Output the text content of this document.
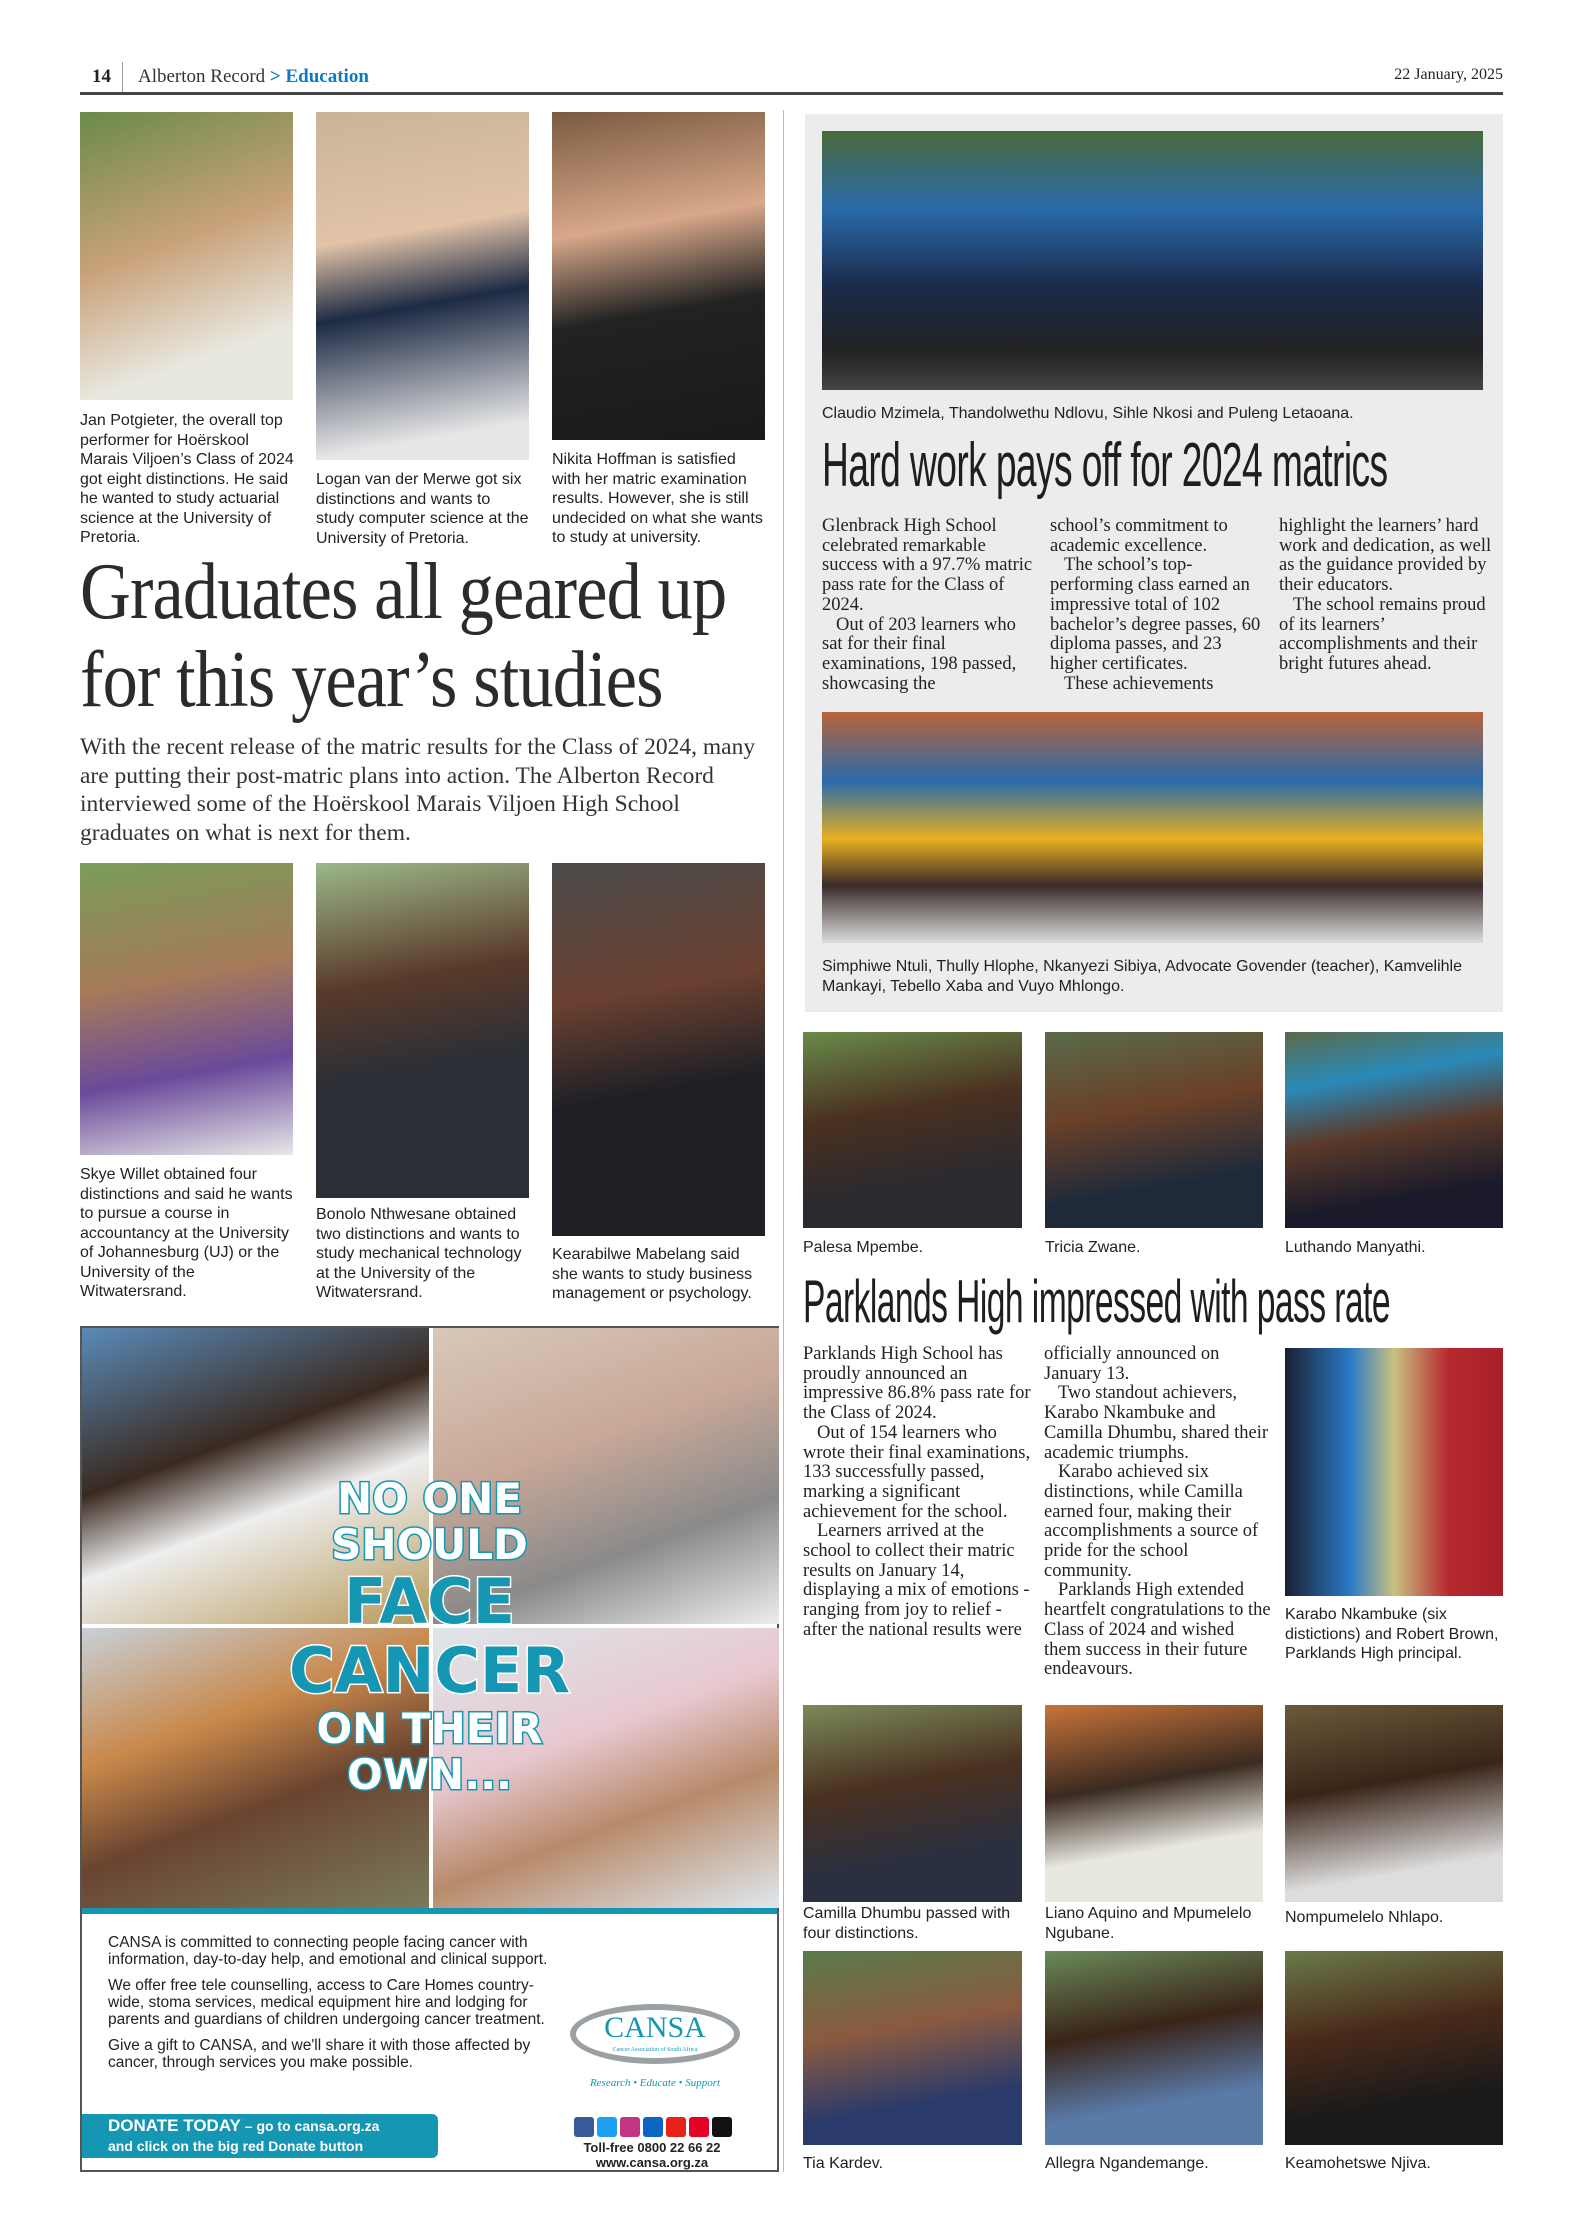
14 Alberton Record > Education	22 January, 2025
Jan Potgieter, the overall top performer for Hoërskool Marais Viljoen’s Class of 2024 got eight distinctions. He said he wanted to study actuarial science at the University of Pretoria.
Logan van der Merwe got six distinctions and wants to study computer science at the University of Pretoria.
Nikita Hoffman is satisfied with her matric examination results. However, she is still undecided on what she wants to study at university.
Graduates all geared up
for this year’s studies
With the recent release of the matric results for the Class of 2024, many are putting their post-matric plans into action. The Alberton Record interviewed some of the Hoërskool Marais Viljoen High School graduates on what is next for them.
Skye Willet obtained four distinctions and said he wants to pursue a course in accountancy at the University of Johannesburg (UJ) or the University of the Witwatersrand.
Bonolo Nthwesane obtained two distinctions and wants to study mechanical technology at the University of the Witwatersrand.
Kearabilwe Mabelang said she wants to study business management or psychology.
NO ONE
SHOULD
FACE
CANCER
ON THEIR
OWN...

CANSA is committed to connecting people facing cancer with information, day-to-day help, and emotional and clinical support.

We offer free tele counselling, access to Care Homes country-wide, stoma services, medical equipment hire and lodging for parents and guardians of children undergoing cancer treatment.

Give a gift to CANSA, and we'll share it with those affected by cancer, through services you make possible.

DONATE TODAY – go to cansa.org.za
and click on the big red Donate button
CANSA
Cancer Association of South Africa
Research • Educate • Support
Toll-free 0800 22 66 22
www.cansa.org.za
Claudio Mzimela, Thandolwethu Ndlovu, Sihle Nkosi and Puleng Letaoana.
Hard work pays off for 2024 matrics

Glenbrack High School celebrated remarkable success with a 97.7% matric pass rate for the Class of 2024.

Out of 203 learners who sat for their final examinations, 198 passed, showcasing the

school’s commitment to academic excellence.

The school’s top-performing class earned an impressive total of 102 bachelor’s degree passes, 60 diploma passes, and 23 higher certificates.

These achievements

highlight the learners’ hard work and dedication, as well as the guidance provided by their educators.

The school remains proud of its learners’ accomplishments and their bright futures ahead.

Simphiwe Ntuli, Thully Hlophe, Nkanyezi Sibiya, Advocate Govender (teacher), Kamvelihle Mankayi, Tebello Xaba and Vuyo Mhlongo.
Palesa Mpembe.	Tricia Zwane.	Luthando Manyathi.
Parklands High impressed with pass rate

Parklands High School has proudly announced an impressive 86.8% pass rate for the Class of 2024.

Out of 154 learners who wrote their final examinations, 133 successfully passed, marking a significant achievement for the school.

Learners arrived at the school to collect their matric results on January 14, displaying a mix of emotions - ranging from joy to relief - after the national results were

officially announced on January 13.

Two standout achievers, Karabo Nkambuke and Camilla Dhumbu, shared their academic triumphs.

Karabo achieved six distinctions, while Camilla earned four, making their accomplishments a source of pride for the school community.

Parklands High extended heartfelt congratulations to the Class of 2024 and wished them success in their future endeavours.

Karabo Nkambuke (six distictions) and Robert Brown, Parklands High principal.
Camilla Dhumbu passed with four distinctions.
Liano Aquino and Mpumelelo Ngubane.
Nompumelelo Nhlapo.
Tia Kardev.	Allegra Ngandemange.	Keamohetswe Njiva.
